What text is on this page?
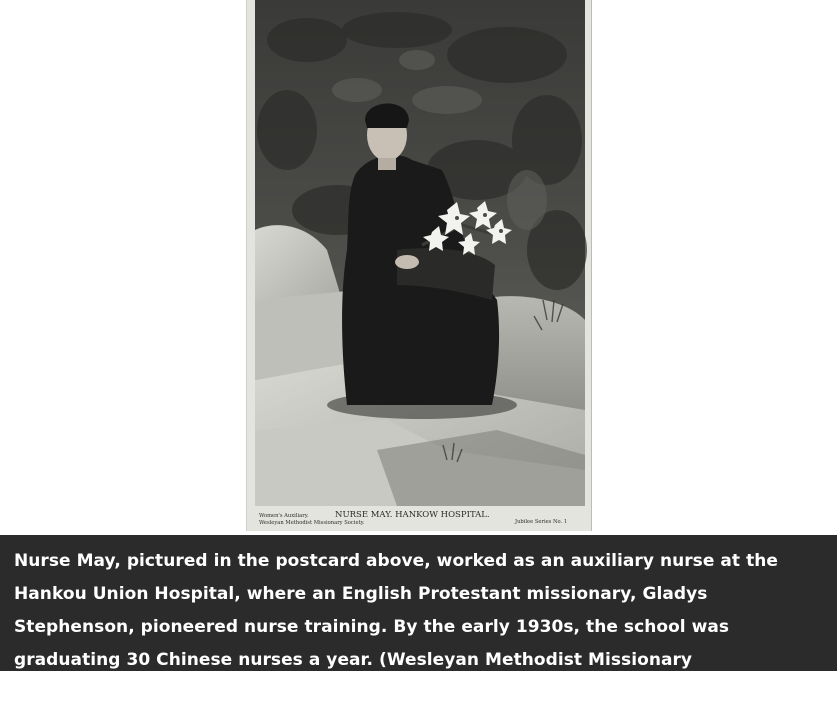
Women's Auxiliary.	NURSE MAY. HANKOW HOSPITAL.
Wesleyan Methodist Missionary Society.	Jubilee Series No. 1

Nurse May, pictured in the postcard above, worked as an auxiliary nurse at the Hankou Union Hospital, where an English Protestant missionary, Gladys Stephenson, pioneered nurse training. By the early 1930s, the school was graduating 30 Chinese nurses a year. (Wesleyan Methodist Missionary Society/National Library of Medicine )
